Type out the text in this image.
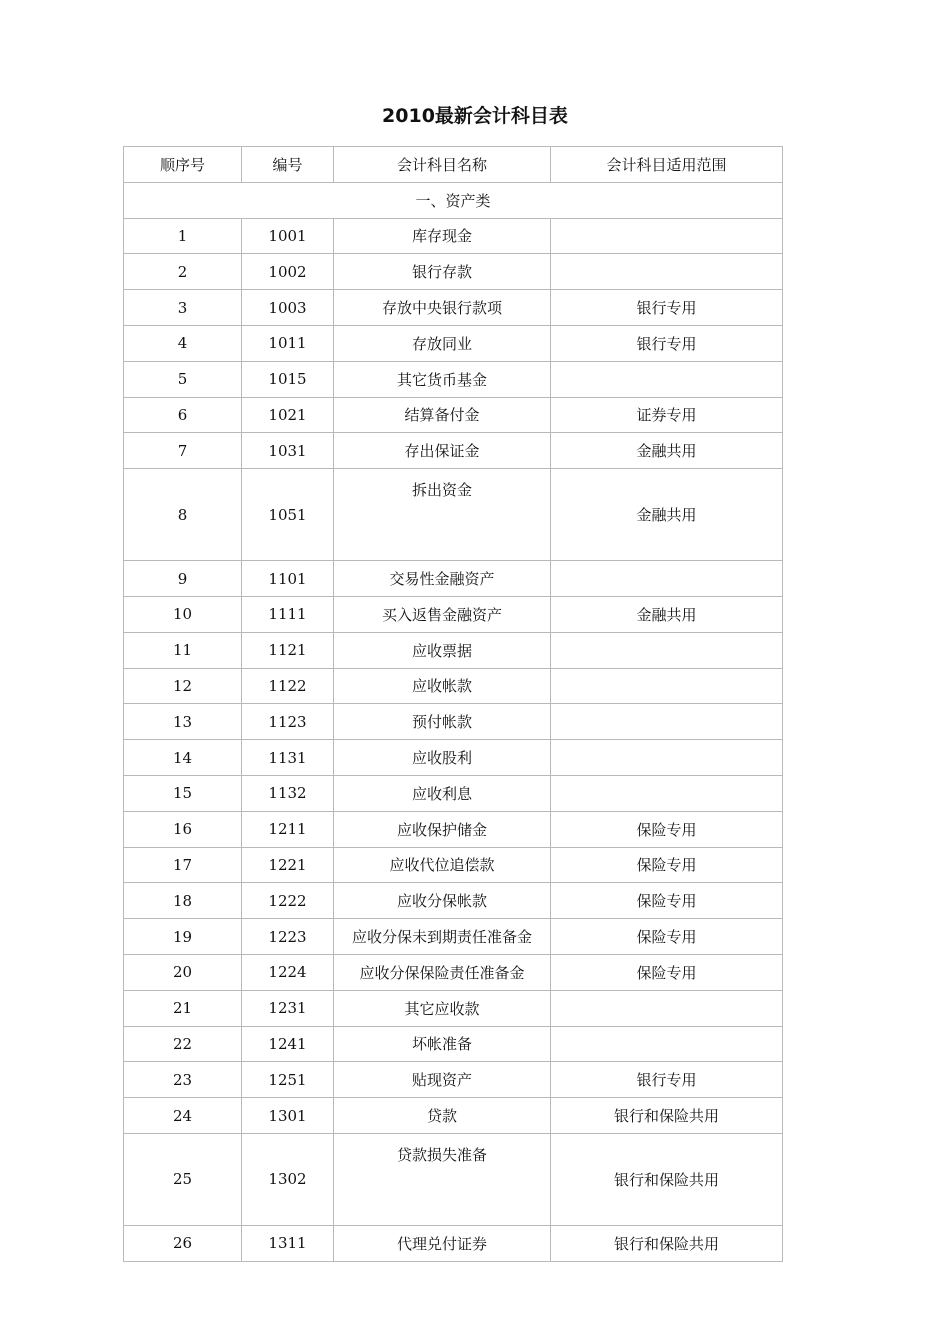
2010最新会计科目表
顺序号	编号	会计科目名称	会计科目适用范围
一、资产类			
1	1001	库存现金	
2	1002	银行存款	
3	1003	存放中央银行款项	银行专用
4	1011	存放同业	银行专用
5	1015	其它货币基金	
6	1021	结算备付金	证券专用
7	1031	存出保证金	金融共用
8	1051	拆出资金	金融共用
9	1101	交易性金融资产	
10	1111	买入返售金融资产	金融共用
11	1121	应收票据	
12	1122	应收帐款	
13	1123	预付帐款	
14	1131	应收股利	
15	1132	应收利息	
16	1211	应收保护储金	保险专用
17	1221	应收代位追偿款	保险专用
18	1222	应收分保帐款	保险专用
19	1223	应收分保未到期责任准备金	保险专用
20	1224	应收分保保险责任准备金	保险专用
21	1231	其它应收款	
22	1241	坏帐准备	
23	1251	贴现资产	银行专用
24	1301	贷款	银行和保险共用
25	1302	贷款损失准备	银行和保险共用
26	1311	代理兑付证券	银行和保险共用
